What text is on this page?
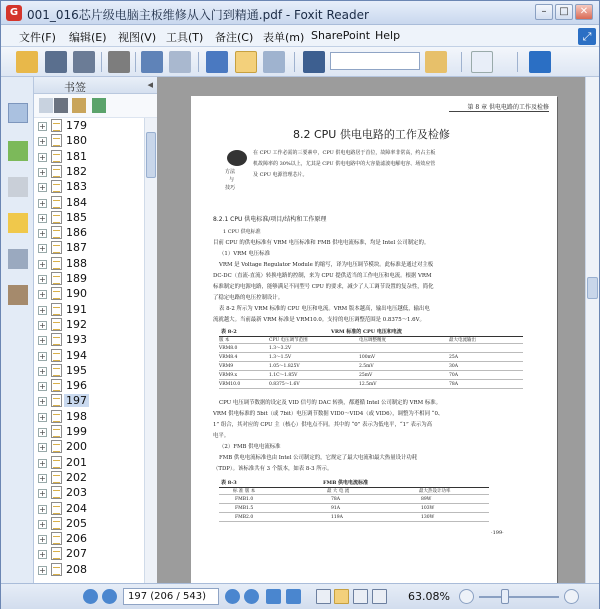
G 001_016芯片级电脑主板维修从入门到精通.pdf - Foxit Reader	–	□	✕
文件(F) 编辑(E) 视图(V) 工具(T) 备注(C) 表单(m) SharePoint Help	⤢
书签	◂
+ 179
+ 180
+ 181
+ 182
+ 183
+ 184
+ 185
+ 186
+ 187
+ 188
+ 189
+ 190
+ 191
+ 192
+ 193
+ 194
+ 195
+ 196
+ 197
+ 198
+ 199
+ 200
+ 201
+ 202
+ 203
+ 204
+ 205
+ 206
+ 207
+ 208
第 8 章 供电电路的工作及检修
8.2 CPU 供电电路的工作及检修
方法
与
技巧
在 CPU 工作必需的三要素中，CPU 供电电路居于首位，故障率非常高，约占主板
机故障率的 30%以上，尤其是 CPU 供电电路中的大容量滤波电解电容、场效应管
及 CPU 电源管理芯片。
8.2.1 CPU 供电标准/项目/结构和工作原理
1 CPU 供电标准
目前 CPU 的供电标准有 VRM 电压标准和 FMB 供电电流标准，均是 Intel 公司制定的。
（1）VRM 电压标准
VRM 是 Voltage Regulator Module 的缩写，译为电压调节模块。此标准是通过对主板
DC-DC（直流-直流）转换电路的控制，来为 CPU 提供适当的工作电压和电流。根据 VRM
标准制定的电源电路，能够满足不同型号 CPU 的要求，减少了人工调节设置的复杂性，简化
了稳定电路的电压控制设计。
表 8-2 所示为 VRM 标准的 CPU 电压和电流。VRM 版本越高，输出电压越低，输出电
流就越大。当前最新 VRM 标准是 VRM10.0。支持的电压调整范围是 0.8375～1.6V。
表 8-2	VRM 标准的 CPU 电压和电流
版 本	CPU 电压调节范围	电压调整精度	最大电流输出
VRM8.0	1.3～3.2V		
VRM8.4	1.3～1.5V	100mV	25A
VRM9	1.05～1.825V	2.5mV	30A
VRM9.x	1.1C～1.85V	25mV	70A
VRM10.0	0.8375～1.6V	12.5mV	78A
CPU 电压调节数据的设定及 VID 信号的 DAC 转换，都遵循 Intel 公司制定的 VRM 标准。
VRM 供电标准的 5bit（或 7bit）电压调节数据 VID0～VID4（或 VID6），调整为不相同 “0、
1” 组合，其对应的 CPU 主（核心）供电点不同。其中的 “0” 表示为低电平，“1” 表示为高
电平。
（2）FMB 供电电流标准
FMB 供电电流标准也由 Intel 公司制定的，它规定了最大电流和最大热量设计功耗
（TDP）。该标准共有 3 个版本，如表 8-3 所示。
表 8-3	FMB 供电电流标准
标 准 版 本	最 大 电 流	最大热设计功率
FMB1.0	78A	89W
FMB1.5	91A	103W
FMB2.0	119A	130W
·199·
197 (206 / 543)	63.08%
